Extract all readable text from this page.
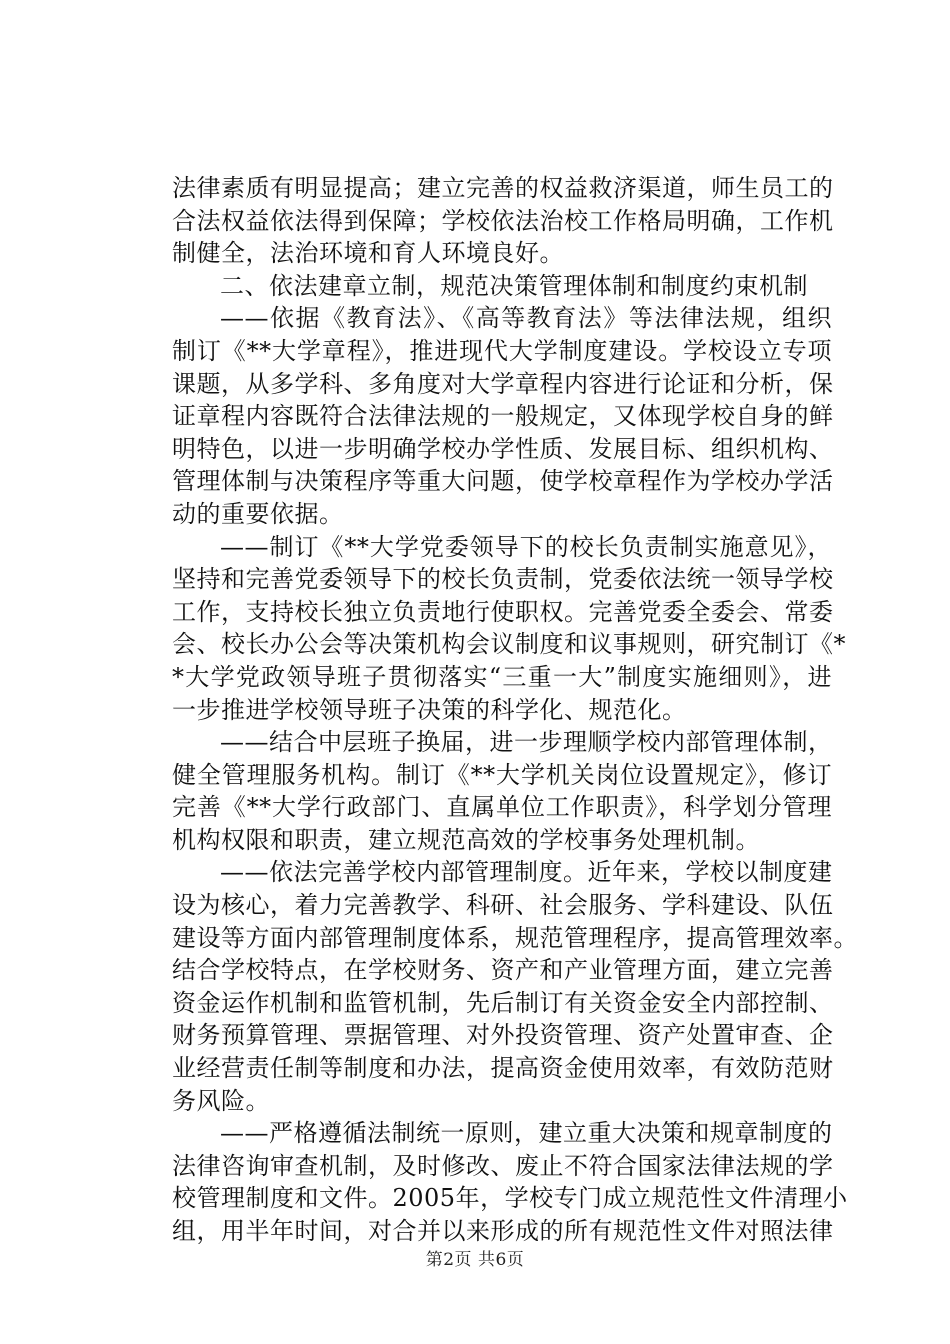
法律素质有明显提高；建立完善的权益救济渠道，师生员工的
合法权益依法得到保障；学校依法治校工作格局明确，工作机
制健全，法治环境和育人环境良好。
二、依法建章立制，规范决策管理体制和制度约束机制
——依据《教育法》、《高等教育法》等法律法规，组织
制订《**大学章程》，推进现代大学制度建设。学校设立专项
课题，从多学科、多角度对大学章程内容进行论证和分析，保
证章程内容既符合法律法规的一般规定，又体现学校自身的鲜
明特色，以进一步明确学校办学性质、发展目标、组织机构、
管理体制与决策程序等重大问题，使学校章程作为学校办学活
动的重要依据。
——制订《**大学党委领导下的校长负责制实施意见》，
坚持和完善党委领导下的校长负责制，党委依法统一领导学校
工作，支持校长独立负责地行使职权。完善党委全委会、常委
会、校长办公会等决策机构会议制度和议事规则，研究制订《*
*大学党政领导班子贯彻落实“三重一大”制度实施细则》，进
一步推进学校领导班子决策的科学化、规范化。
——结合中层班子换届，进一步理顺学校内部管理体制，
健全管理服务机构。制订《**大学机关岗位设置规定》，修订
完善《**大学行政部门、直属单位工作职责》，科学划分管理
机构权限和职责，建立规范高效的学校事务处理机制。
——依法完善学校内部管理制度。近年来，学校以制度建
设为核心，着力完善教学、科研、社会服务、学科建设、队伍
建设等方面内部管理制度体系，规范管理程序，提高管理效率。
结合学校特点，在学校财务、资产和产业管理方面，建立完善
资金运作机制和监管机制，先后制订有关资金安全内部控制、
财务预算管理、票据管理、对外投资管理、资产处置审查、企
业经营责任制等制度和办法，提高资金使用效率，有效防范财
务风险。
——严格遵循法制统一原则，建立重大决策和规章制度的
法律咨询审查机制，及时修改、废止不符合国家法律法规的学
校管理制度和文件。2005年，学校专门成立规范性文件清理小
组，用半年时间，对合并以来形成的所有规范性文件对照法律
第2页 共6页
